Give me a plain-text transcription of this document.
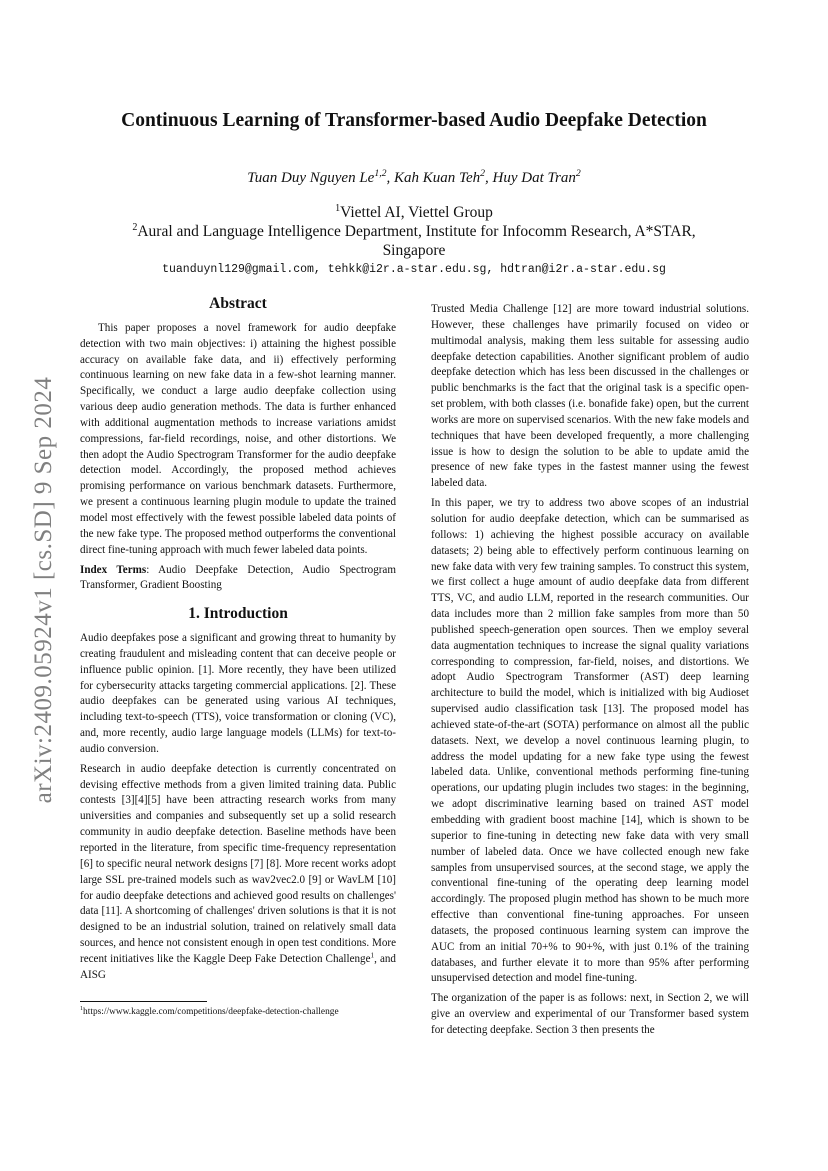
arXiv:2409.05924v1 [cs.SD] 9 Sep 2024
Continuous Learning of Transformer-based Audio Deepfake Detection
Tuan Duy Nguyen Le$^{1,2}$, Kah Kuan Teh$^2$, Huy Dat Tran$^2$
$^1$Viettel AI, Viettel Group
$^2$Aural and Language Intelligence Department, Institute for Infocomm Research, A*STAR, Singapore
tuanduynl129@gmail.com, tehkk@i2r.a-star.edu.sg, hdtran@i2r.a-star.edu.sg
Abstract

This paper proposes a novel framework for audio deepfake detection with two main objectives: i) attaining the highest possible accuracy on available fake data, and ii) effectively performing continuous learning on new fake data in a few-shot learning manner. Specifically, we conduct a large audio deepfake collection using various deep audio generation methods. The data is further enhanced with additional augmentation methods to increase variations amidst compressions, far-field recordings, noise, and other distortions. We then adopt the Audio Spectrogram Transformer for the audio deepfake detection model. Accordingly, the proposed method achieves promising performance on various benchmark datasets. Furthermore, we present a continuous learning plugin module to update the trained model most effectively with the fewest possible labeled data points of the new fake type. The proposed method outperforms the conventional direct fine-tuning approach with much fewer labeled data points.

Index Terms: Audio Deepfake Detection, Audio Spectrogram Transformer, Gradient Boosting

1. Introduction

Audio deepfakes pose a significant and growing threat to humanity by creating fraudulent and misleading content that can deceive people or influence public opinion. [1]. More recently, they have been utilized for cybersecurity attacks targeting commercial applications. [2]. These audio deepfakes can be generated using various AI techniques, including text-to-speech (TTS), voice transformation or cloning (VC), and, more recently, audio large language models (LLMs) for text-to-audio conversion.

Research in audio deepfake detection is currently concentrated on devising effective methods from a given limited training data. Public contests [3][4][5] have been attracting research works from many universities and companies and subsequently set up a solid research community in audio deepfake detection. Baseline methods have been reported in the literature, from specific time-frequency representation [6] to specific neural network designs [7] [8]. More recent works adopt large SSL pre-trained models such as wav2vec2.0 [9] or WavLM [10] for audio deepfake detections and achieved good results on challenges' data [11]. A shortcoming of challenges' driven solutions is that it is not designed to be an industrial solution, trained on relatively small data sources, and hence not consistent enough in open test conditions. More recent initiatives like the Kaggle Deep Fake Detection Challenge$^1$, and AISG

Trusted Media Challenge [12] are more toward industrial solutions. However, these challenges have primarily focused on video or multimodal analysis, making them less suitable for assessing audio deepfake detection capabilities. Another significant problem of audio deepfake detection which has less been discussed in the challenges or public benchmarks is the fact that the original task is a specific open-set problem, with both classes (i.e. bonafide fake) open, but the current works are more on supervised scenarios. With the new fake models and techniques that have been developed frequently, a more challenging issue is how to design the solution to be able to update amid the presence of new fake types in the fastest manner using the fewest labeled data.

In this paper, we try to address two above scopes of an industrial solution for audio deepfake detection, which can be summarised as follows: 1) achieving the highest possible accuracy on available datasets; 2) being able to effectively perform continuous learning on new fake data with very few training samples. To construct this system, we first collect a huge amount of audio deepfake data from different TTS, VC, and audio LLM, reported in the research communities. Our data includes more than 2 million fake samples from more than 50 published speech-generation open sources. Then we employ several data augmentation techniques to increase the signal quality variations corresponding to compression, far-field, noises, and distortions. We adopt Audio Spectrogram Transformer (AST) deep learning architecture to build the model, which is initialized with big Audioset supervised audio classification task [13]. The proposed model has achieved state-of-the-art (SOTA) performance on almost all the public datasets. Next, we develop a novel continuous learning plugin, to address the model updating for a new fake type using the fewest labeled data. Unlike, conventional methods performing fine-tuning operations, our updating plugin includes two stages: in the beginning, we adopt discriminative learning based on trained AST model embedding with gradient boost machine [14], which is shown to be superior to fine-tuning in detecting new fake data with very small number of labeled data. Once we have collected enough new fake samples from unsupervised sources, at the second stage, we apply the conventional fine-tuning of the operating deep learning model accordingly. The proposed plugin method has shown to be much more effective than conventional fine-tuning approaches. For unseen datasets, the proposed continuous learning system can improve the AUC from an initial 70+% to 90+%, with just 0.1% of the training databases, and further elevate it to more than 95% after performing unsupervised detection and model fine-tuning.

The organization of the paper is as follows: next, in Section 2, we will give an overview and experimental of our Transformer based system for detecting deepfake. Section 3 then presents the

$^1$https://www.kaggle.com/competitions/deepfake-detection-challenge
